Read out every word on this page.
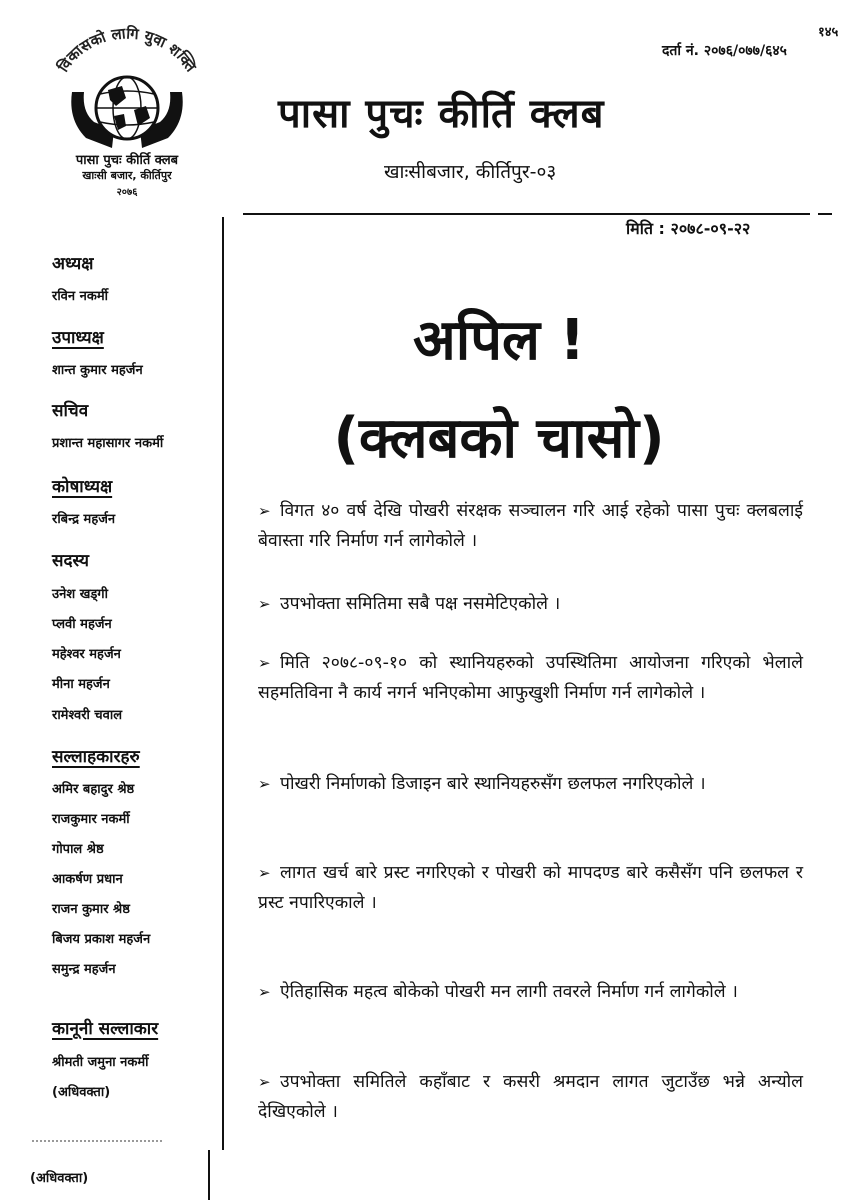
विकासको लागि युवा शक्ति
पासा पुचः कीर्ति क्लब
खाःसी बजार, कीर्तिपुर
२०७६
दर्ता नं. २०७६/०७७/६४५
१४५
पासा पुचः कीर्ति क्लब
खाःसीबजार, कीर्तिपुर-०३
मिति : २०७८-०९-२२
अध्यक्ष
रविन नकर्मी
उपाध्यक्ष
शान्त कुमार महर्जन
सचिव
प्रशान्त महासागर नकर्मी
कोषाध्यक्ष
रबिन्द्र महर्जन
सदस्य
उनेश खड्गी
प्लवी महर्जन
महेश्वर महर्जन
मीना महर्जन
रामेश्वरी चवाल
सल्लाहकारहरु
अमिर बहादुर श्रेष्ठ
राजकुमार नकर्मी
गोपाल श्रेष्ठ
आकर्षण प्रधान
राजन कुमार श्रेष्ठ
बिजय प्रकाश महर्जन
समुन्द्र महर्जन
कानूनी सल्लाकार
श्रीमती जमुना नकर्मी
(अधिवक्ता)
(अधिवक्ता)
अपिल !
(क्लबको चासो)
➢ विगत ४० वर्ष देखि पोखरी संरक्षक सञ्चालन गरि आई रहेको पासा पुचः क्लबलाई बेवास्ता गरि निर्माण गर्न लागेकोले ।
➢ उपभोक्ता समितिमा सबै पक्ष नसमेटिएकोले ।
➢ मिति २०७८-०९-१० को स्थानियहरुको उपस्थितिमा आयोजना गरिएको भेलाले सहमतिविना नै कार्य नगर्न भनिएकोमा आफुखुशी निर्माण गर्न लागेकोले ।
➢ पोखरी निर्माणको डिजाइन बारे स्थानियहरुसँग छलफल नगरिएकोले ।
➢ लागत खर्च बारे प्रस्ट नगरिएको र पोखरी को मापदण्ड बारे कसैसँग पनि छलफल र प्रस्ट नपारिएकाले ।
➢ ऐतिहासिक महत्व बोकेको पोखरी मन लागी तवरले निर्माण गर्न लागेकोले ।
➢ उपभोक्ता समितिले कहाँबाट र कसरी श्रमदान लागत जुटाउँछ भन्ने अन्योल देखिएकोले ।
